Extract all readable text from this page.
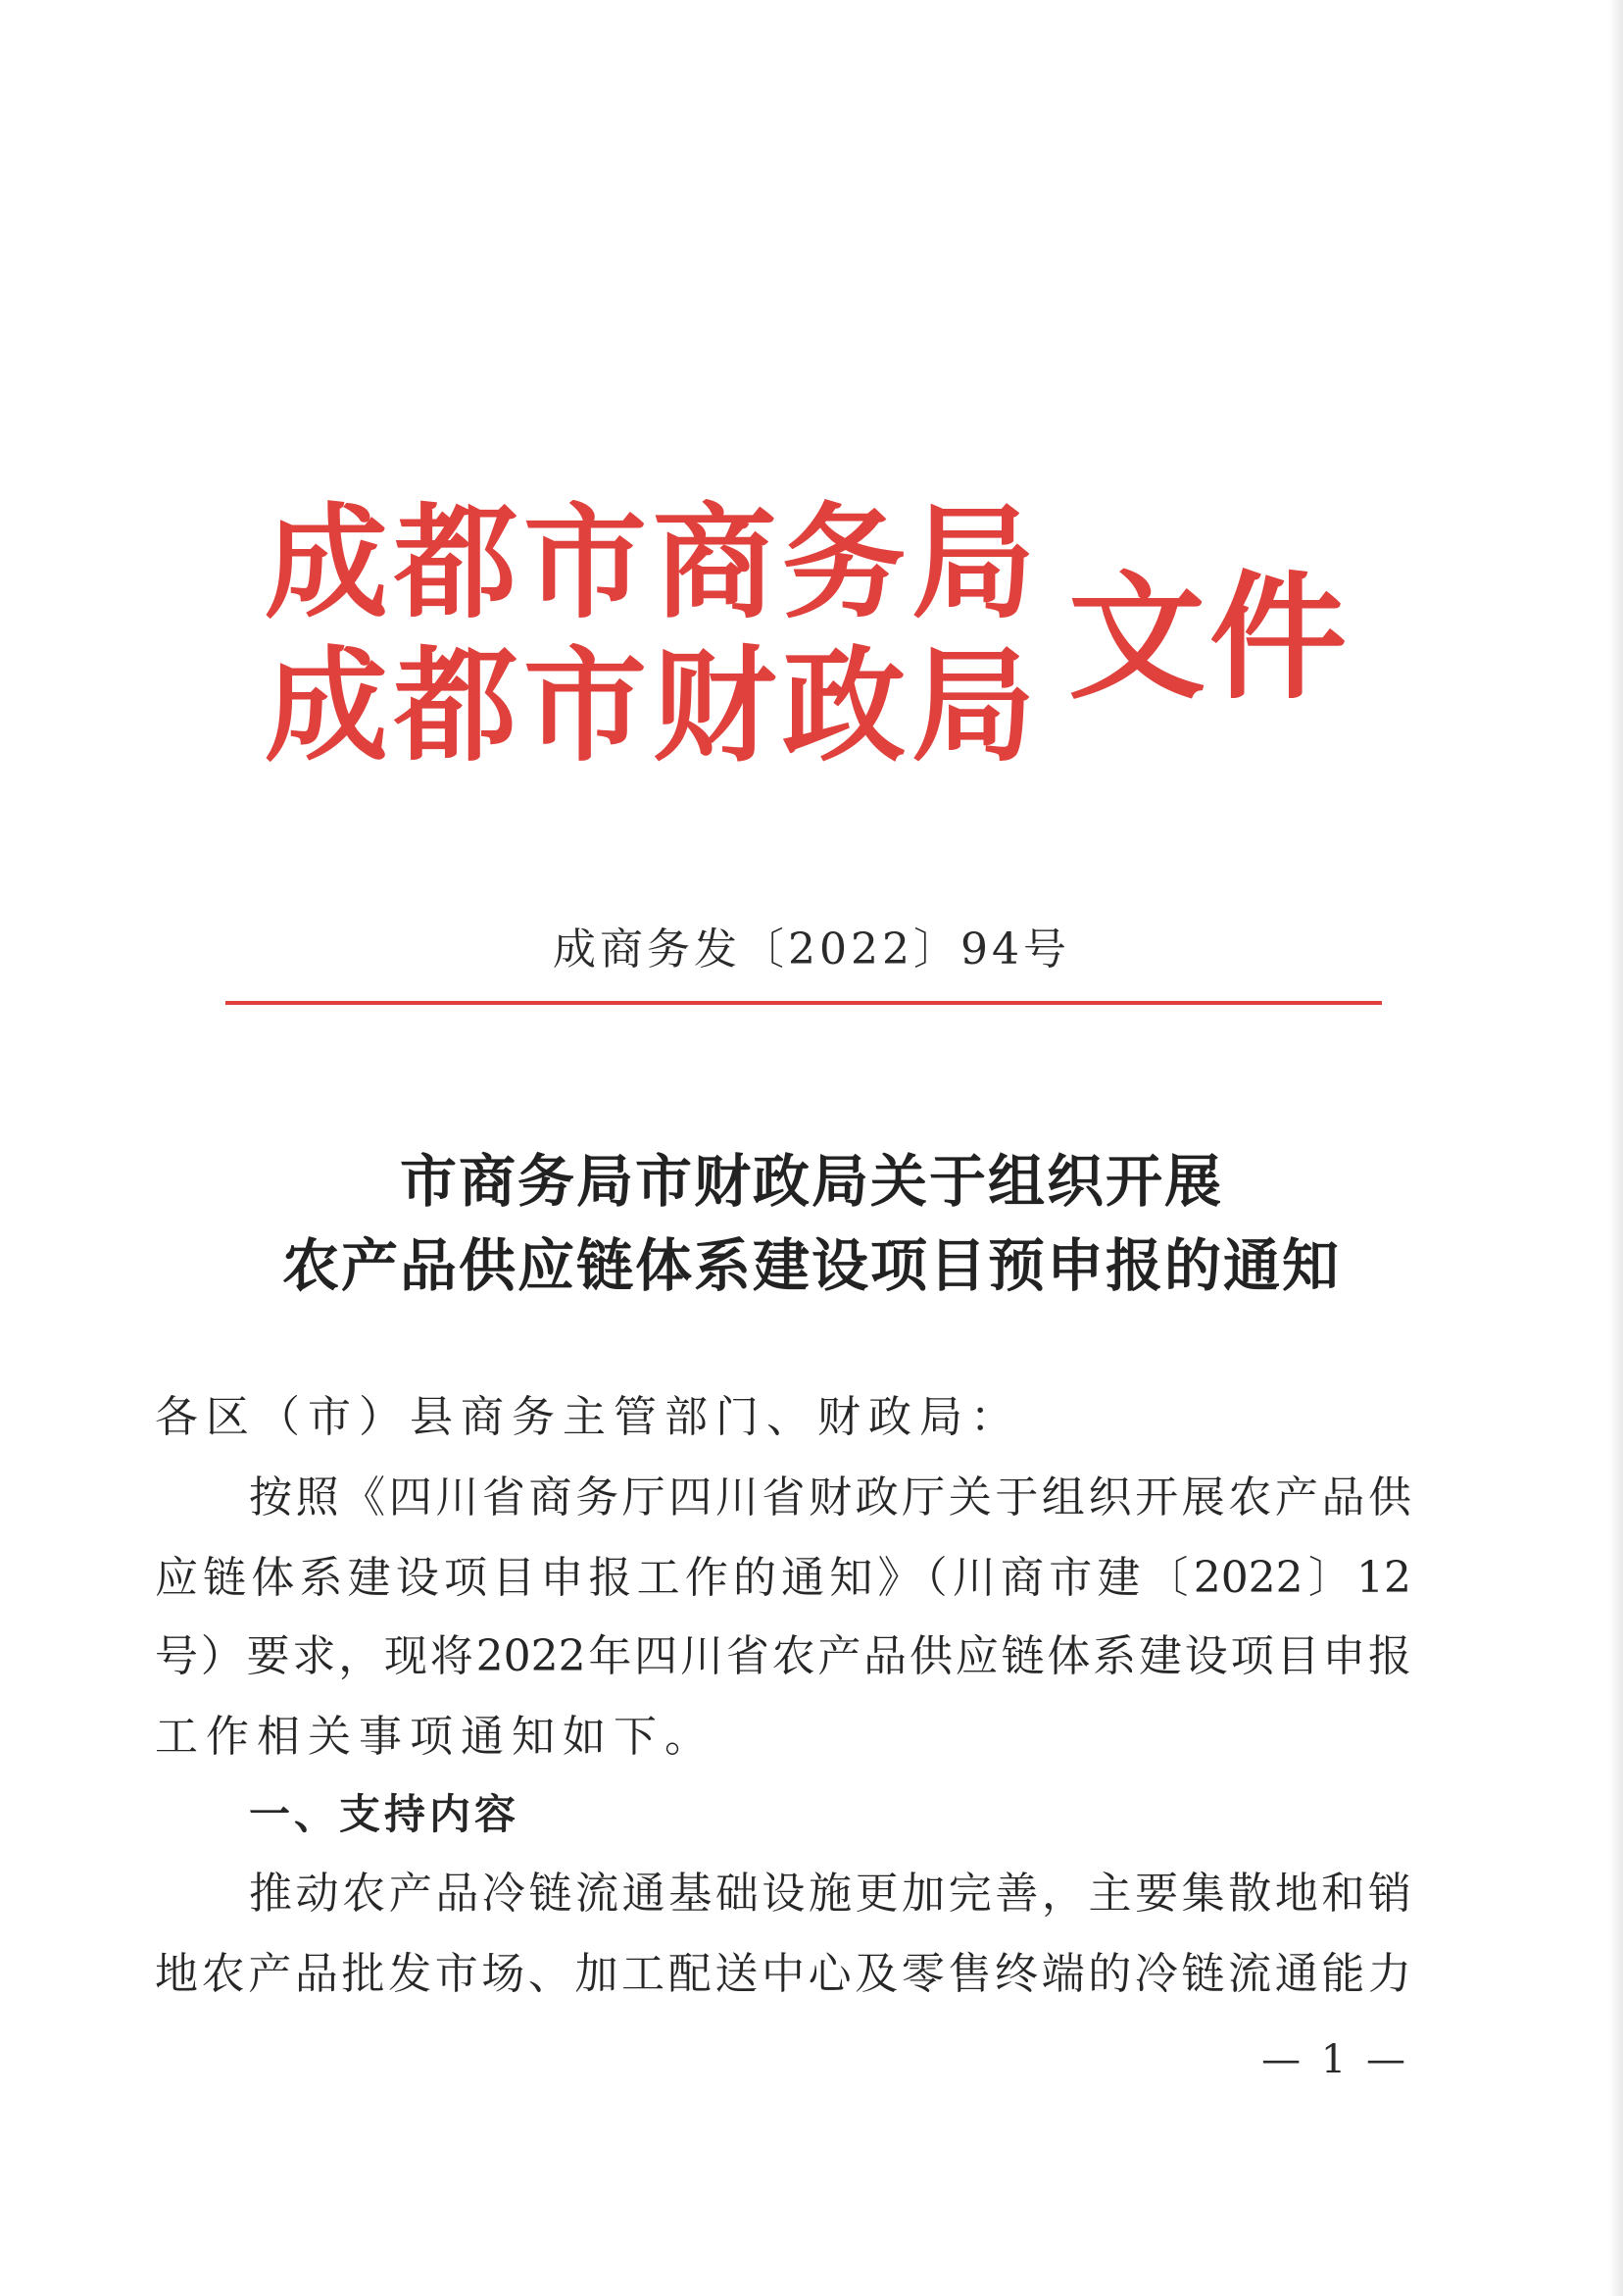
成都市商务局
成都市财政局 文件
成商务发〔2022〕94号
市商务局市财政局关于组织开展
农产品供应链体系建设项目预申报的通知
各区（市）县商务主管部门、财政局：
按照《四川省商务厅四川省财政厅关于组织开展农产品供
应链体系建设项目申报工作的通知》（川商市建〔2022〕12
号）要求，现将2022年四川省农产品供应链体系建设项目申报
工作相关事项通知如下。
一、支持内容
推动农产品冷链流通基础设施更加完善，主要集散地和销
地农产品批发市场、加工配送中心及零售终端的冷链流通能力
— 1 —
